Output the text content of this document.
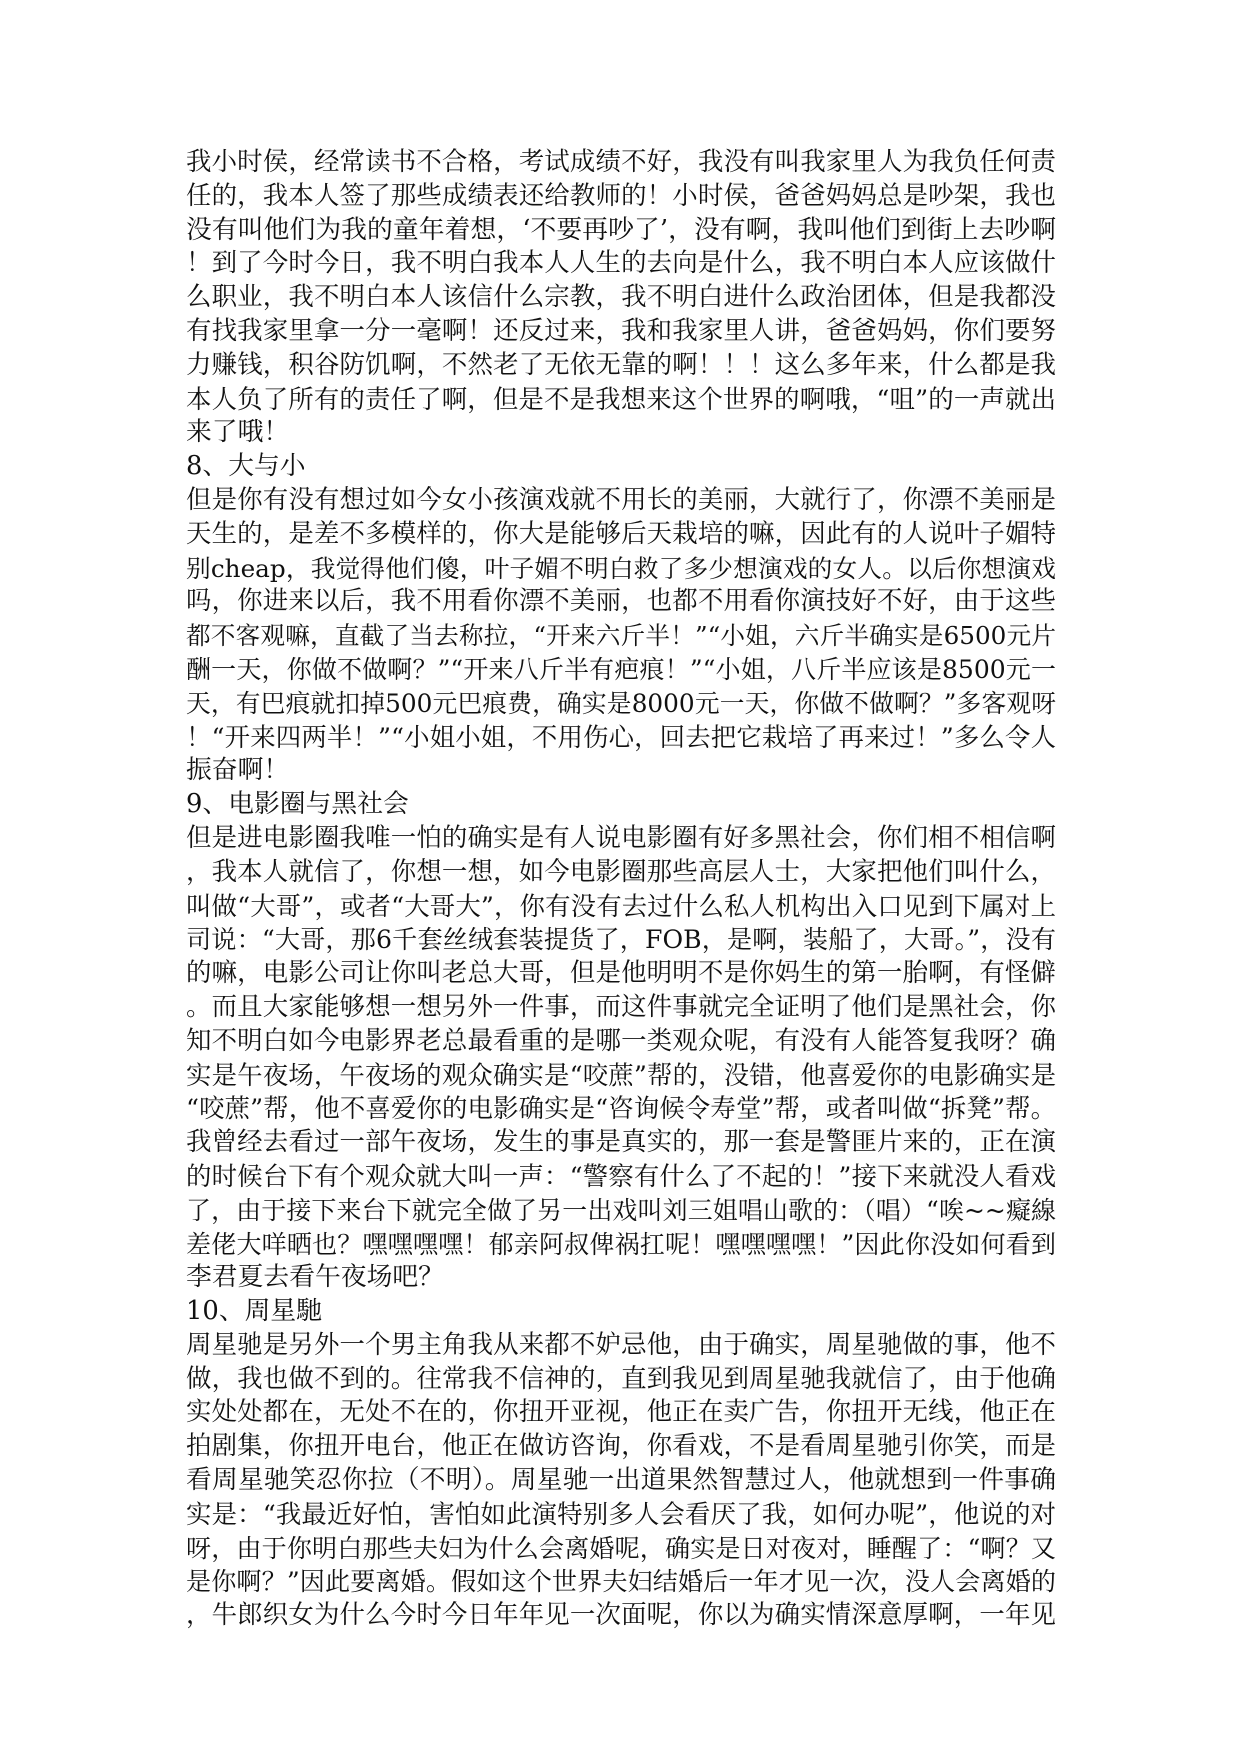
我小时侯，经常读书不合格，考试成绩不好，我没有叫我家里人为我负任何责
任的，我本人签了那些成绩表还给教师的！小时侯，爸爸妈妈总是吵架，我也
没有叫他们为我的童年着想，‘不要再吵了’，没有啊，我叫他们到街上去吵啊
！到了今时今日，我不明白我本人人生的去向是什么，我不明白本人应该做什
么职业，我不明白本人该信什么宗教，我不明白进什么政治团体，但是我都没
有找我家里拿一分一毫啊！还反过来，我和我家里人讲，爸爸妈妈，你们要努
力赚钱，积谷防饥啊，不然老了无依无靠的啊！！！这么多年来，什么都是我
本人负了所有的责任了啊，但是不是我想来这个世界的啊哦，“咀”的一声就出
来了哦！
8、大与小
但是你有没有想过如今女小孩演戏就不用长的美丽，大就行了，你漂不美丽是
天生的，是差不多模样的，你大是能够后天栽培的嘛，因此有的人说叶子媚特
别cheap，我觉得他们傻，叶子媚不明白救了多少想演戏的女人。以后你想演戏
吗，你进来以后，我不用看你漂不美丽，也都不用看你演技好不好，由于这些
都不客观嘛，直截了当去称拉，“开来六斤半！”“小姐，六斤半确实是6500元片
酬一天，你做不做啊？”“开来八斤半有疤痕！”“小姐，八斤半应该是8500元一
天，有巴痕就扣掉500元巴痕费，确实是8000元一天，你做不做啊？”多客观呀
！“开来四两半！”“小姐小姐，不用伤心，回去把它栽培了再来过！”多么令人
振奋啊！
9、电影圈与黑社会
但是进电影圈我唯一怕的确实是有人说电影圈有好多黑社会，你们相不相信啊
，我本人就信了，你想一想，如今电影圈那些高层人士，大家把他们叫什么，
叫做“大哥”，或者“大哥大”，你有没有去过什么私人机构出入口见到下属对上
司说：“大哥，那6千套丝绒套装提货了，FOB，是啊，装船了，大哥。”，没有
的嘛，电影公司让你叫老总大哥，但是他明明不是你妈生的第一胎啊，有怪僻
。而且大家能够想一想另外一件事，而这件事就完全证明了他们是黑社会，你
知不明白如今电影界老总最看重的是哪一类观众呢，有没有人能答复我呀？确
实是午夜场，午夜场的观众确实是“咬蔗”帮的，没错，他喜爱你的电影确实是
“咬蔗”帮，他不喜爱你的电影确实是“咨询候令寿堂”帮，或者叫做“拆凳”帮。
我曾经去看过一部午夜场，发生的事是真实的，那一套是警匪片来的，正在演
的时候台下有个观众就大叫一声：“警察有什么了不起的！”接下来就没人看戏
了，由于接下来台下就完全做了另一出戏叫刘三姐唱山歌的：（唱）“唉~~癡線
差佬大咩晒也？嘿嘿嘿嘿！郁亲阿叔俾祸扛呢！嘿嘿嘿嘿！”因此你没如何看到
李君夏去看午夜场吧？
10、周星馳
周星驰是另外一个男主角我从来都不妒忌他，由于确实，周星驰做的事，他不
做，我也做不到的。往常我不信神的，直到我见到周星驰我就信了，由于他确
实处处都在，无处不在的，你扭开亚视，他正在卖广告，你扭开无线，他正在
拍剧集，你扭开电台，他正在做访咨询，你看戏，不是看周星驰引你笑，而是
看周星驰笑忍你拉（不明）。周星驰一出道果然智慧过人，他就想到一件事确
实是：“我最近好怕，害怕如此演特别多人会看厌了我，如何办呢”，他说的对
呀，由于你明白那些夫妇为什么会离婚呢，确实是日对夜对，睡醒了：“啊？又
是你啊？”因此要离婚。假如这个世界夫妇结婚后一年才见一次，没人会离婚的
，牛郎织女为什么今时今日年年见一次面呢，你以为确实情深意厚啊，一年见
